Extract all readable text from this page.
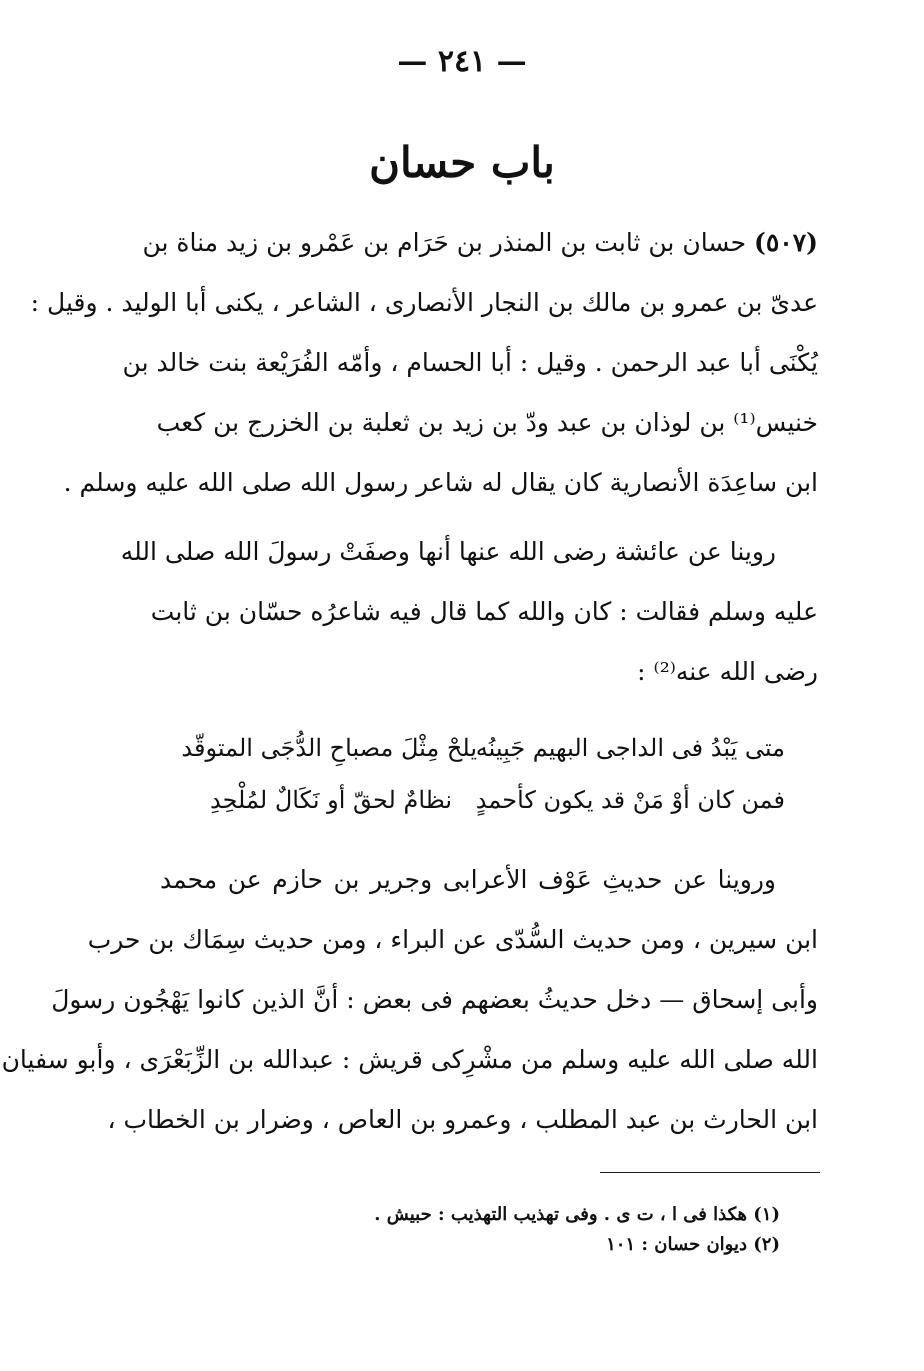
— ٢٤١ —
باب حسان
(٥٠٧) حسان بن ثابت بن المنذر بن حَرَام بن عَمْرو بن زيد مناة بن
عدىّ بن عمرو بن مالك بن النجار الأنصارى ، الشاعر ، يكنى أبا الوليد . وقيل :
يُكْنَى أبا عبد الرحمن . وقيل : أبا الحسام ، وأمّه الفُرَيْعة بنت خالد بن
خنيس⁽¹⁾ بن لوذان بن عبد ودّ بن زيد بن ثعلبة بن الخزرج بن كعب
ابن ساعِدَة الأنصارية كان يقال له شاعر رسول الله صلى الله عليه وسلم .
روينا عن عائشة رضى الله عنها أنها وصفَتْ رسولَ الله صلى الله
عليه وسلم فقالت : كان والله كما قال فيه شاعرُه حسّان بن ثابت
رضى الله عنه⁽²⁾ :
متى يَبْدُ فى الداجى البهيم جَبِينُه
يلحْ مِثْلَ مصباحِ الدُّجَى المتوقّد
فمن كان أوْ مَنْ قد يكون كأحمدٍ
نظامٌ لحقّ أو نَكَالٌ لمُلْحِدِ
وروينا عن حديثِ عَوْف الأعرابى وجرير بن حازم عن محمد
ابن سيرين ، ومن حديث السُّدّى عن البراء ، ومن حديث سِمَاك بن حرب
وأبى إسحاق — دخل حديثُ بعضهم فى بعض : أنَّ الذين كانوا يَهْجُون رسولَ
الله صلى الله عليه وسلم من مشْرِكى قريش : عبدالله بن الزِّبَعْرَى ، وأبو سفيان
ابن الحارث بن عبد المطلب ، وعمرو بن العاص ، وضرار بن الخطاب ،
(١) هكذا فى ا ، ت ى . وفى تهذيب التهذيب : حبيش .
(٢) ديوان حسان : ١٠١
